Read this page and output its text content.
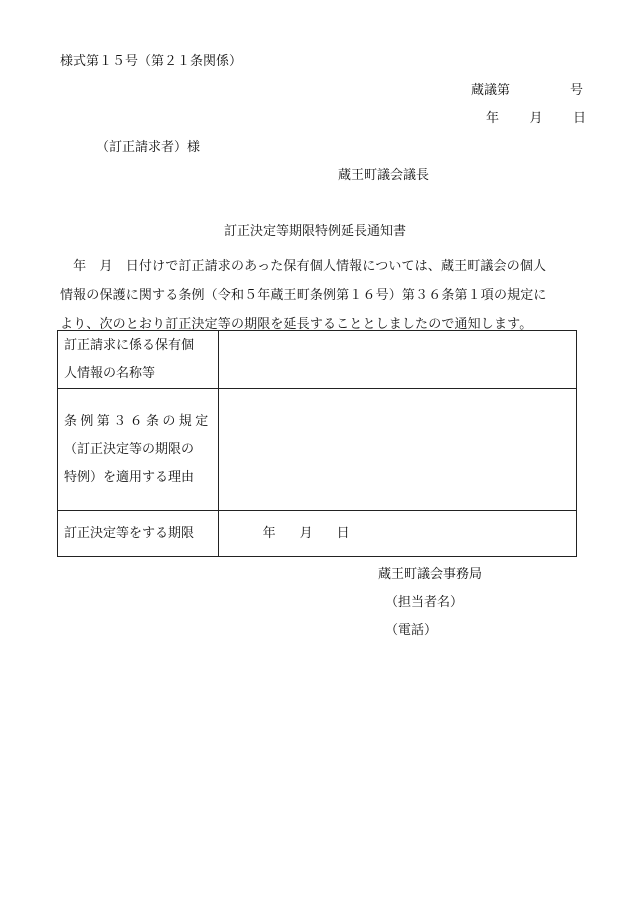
様式第１５号（第２１条関係）
蔵議第	号
年 月 日
（訂正請求者）様
蔵王町議会議長
訂正決定等期限特例延長通知書

　年　月　日付けで訂正請求のあった保有個人情報については、蔵王町議会の個人

情報の保護に関する条例（令和５年蔵王町条例第１６号）第３６条第１項の規定に

より、次のとおり訂正決定等の期限を延長することとしましたので通知します。

訂正請求に係る保有個
人情報の名称等	

条例第３６条の規定
（訂正決定等の期限の
特例）を適用する理由	

訂正決定等をする期限	年 月 日
蔵王町議会事務局
（担当者名）
（電話）
